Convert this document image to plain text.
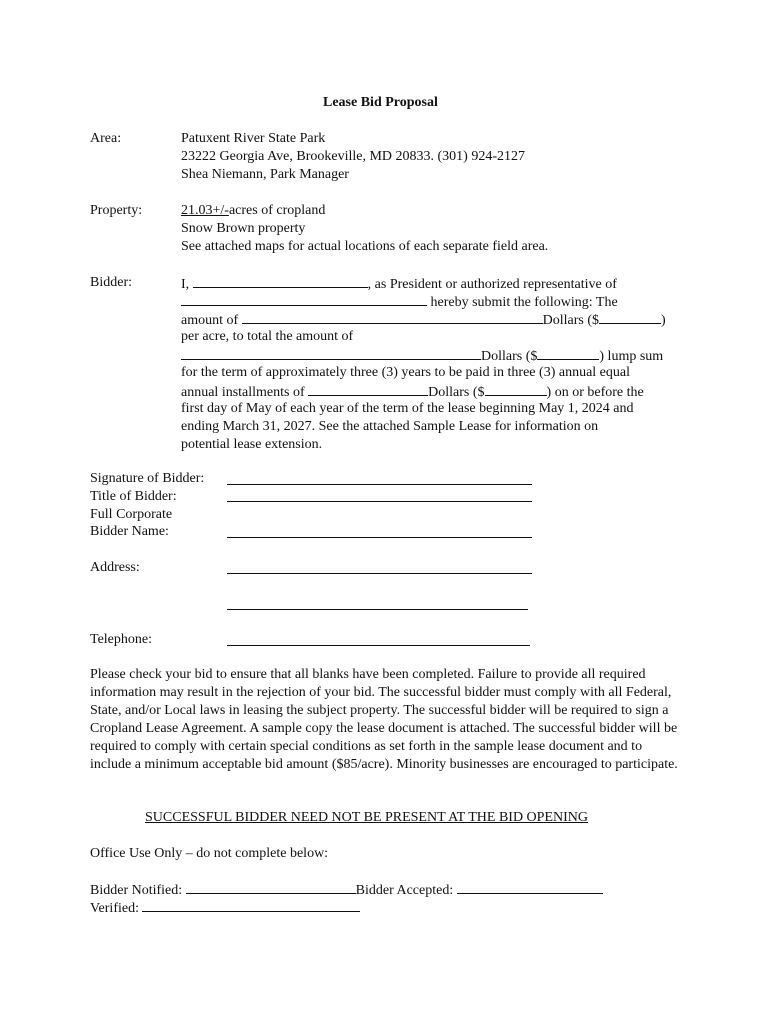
Lease Bid Proposal
Area:	Patuxent River State Park
23222 Georgia Ave, Brookeville, MD 20833. (301) 924-2127
Shea Niemann, Park Manager
Property:	21.03+/-acres of cropland
Snow Brown property
See attached maps for actual locations of each separate field area.
Bidder:	I,	, as President or authorized representative of
hereby submit the following: The
amount of	Dollars ($	)
per acre, to total the amount of
Dollars ($	) lump sum
for the term of approximately three (3) years to be paid in three (3) annual equal
annual installments of	Dollars ($	) on or before the
first day of May of each year of the term of the lease beginning May 1, 2024 and
ending March 31, 2027. See the attached Sample Lease for information on
potential lease extension.
Signature of Bidder:
Title of Bidder:
Full Corporate
Bidder Name:
Address:
Telephone:
Please check your bid to ensure that all blanks have been completed. Failure to provide all required information may result in the rejection of your bid. The successful bidder must comply with all Federal, State, and/or Local laws in leasing the subject property. The successful bidder will be required to sign a Cropland Lease Agreement. A sample copy the lease document is attached. The successful bidder will be required to comply with certain special conditions as set forth in the sample lease document and to include a minimum acceptable bid amount ($85/acre). Minority businesses are encouraged to participate.
SUCCESSFUL BIDDER NEED NOT BE PRESENT AT THE BID OPENING
Office Use Only – do not complete below:
Bidder Notified:	Bidder Accepted:
Verified:
